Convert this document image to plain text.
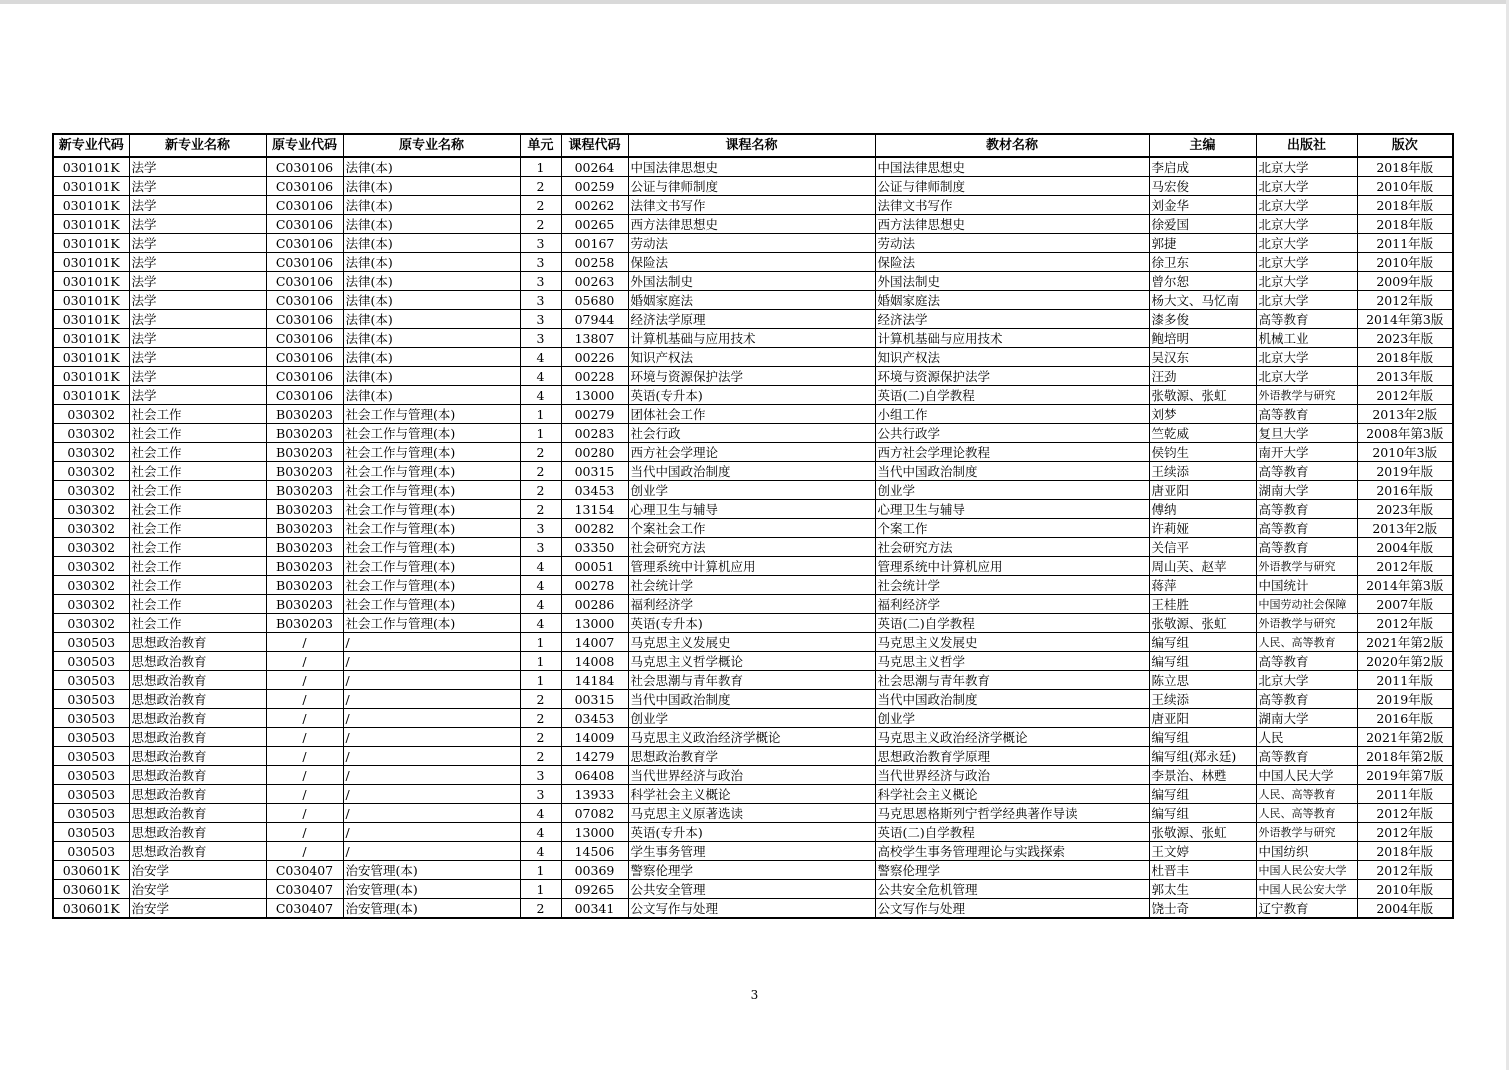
新专业代码	新专业名称	原专业代码	原专业名称	单元	课程代码	课程名称	教材名称	主编	出版社	版次
030101K	法学	C030106	法律(本)	1	00264	中国法律思想史	中国法律思想史	李启成	北京大学	2018年版
030101K	法学	C030106	法律(本)	2	00259	公证与律师制度	公证与律师制度	马宏俊	北京大学	2010年版
030101K	法学	C030106	法律(本)	2	00262	法律文书写作	法律文书写作	刘金华	北京大学	2018年版
030101K	法学	C030106	法律(本)	2	00265	西方法律思想史	西方法律思想史	徐爱国	北京大学	2018年版
030101K	法学	C030106	法律(本)	3	00167	劳动法	劳动法	郭捷	北京大学	2011年版
030101K	法学	C030106	法律(本)	3	00258	保险法	保险法	徐卫东	北京大学	2010年版
030101K	法学	C030106	法律(本)	3	00263	外国法制史	外国法制史	曾尔恕	北京大学	2009年版
030101K	法学	C030106	法律(本)	3	05680	婚姻家庭法	婚姻家庭法	杨大文、马忆南	北京大学	2012年版
030101K	法学	C030106	法律(本)	3	07944	经济法学原理	经济法学	漆多俊	高等教育	2014年第3版
030101K	法学	C030106	法律(本)	3	13807	计算机基础与应用技术	计算机基础与应用技术	鲍培明	机械工业	2023年版
030101K	法学	C030106	法律(本)	4	00226	知识产权法	知识产权法	吴汉东	北京大学	2018年版
030101K	法学	C030106	法律(本)	4	00228	环境与资源保护法学	环境与资源保护法学	汪劲	北京大学	2013年版
030101K	法学	C030106	法律(本)	4	13000	英语(专升本)	英语(二)自学教程	张敬源、张虹	外语教学与研究	2012年版
030302	社会工作	B030203	社会工作与管理(本)	1	00279	团体社会工作	小组工作	刘梦	高等教育	2013年2版
030302	社会工作	B030203	社会工作与管理(本)	1	00283	社会行政	公共行政学	竺乾威	复旦大学	2008年第3版
030302	社会工作	B030203	社会工作与管理(本)	2	00280	西方社会学理论	西方社会学理论教程	侯钧生	南开大学	2010年3版
030302	社会工作	B030203	社会工作与管理(本)	2	00315	当代中国政治制度	当代中国政治制度	王续添	高等教育	2019年版
030302	社会工作	B030203	社会工作与管理(本)	2	03453	创业学	创业学	唐亚阳	湖南大学	2016年版
030302	社会工作	B030203	社会工作与管理(本)	2	13154	心理卫生与辅导	心理卫生与辅导	傅纳	高等教育	2023年版
030302	社会工作	B030203	社会工作与管理(本)	3	00282	个案社会工作	个案工作	许莉娅	高等教育	2013年2版
030302	社会工作	B030203	社会工作与管理(本)	3	03350	社会研究方法	社会研究方法	关信平	高等教育	2004年版
030302	社会工作	B030203	社会工作与管理(本)	4	00051	管理系统中计算机应用	管理系统中计算机应用	周山芙、赵苹	外语教学与研究	2012年版
030302	社会工作	B030203	社会工作与管理(本)	4	00278	社会统计学	社会统计学	蒋萍	中国统计	2014年第3版
030302	社会工作	B030203	社会工作与管理(本)	4	00286	福利经济学	福利经济学	王桂胜	中国劳动社会保障	2007年版
030302	社会工作	B030203	社会工作与管理(本)	4	13000	英语(专升本)	英语(二)自学教程	张敬源、张虹	外语教学与研究	2012年版
030503	思想政治教育	/	/	1	14007	马克思主义发展史	马克思主义发展史	编写组	人民、高等教育	2021年第2版
030503	思想政治教育	/	/	1	14008	马克思主义哲学概论	马克思主义哲学	编写组	高等教育	2020年第2版
030503	思想政治教育	/	/	1	14184	社会思潮与青年教育	社会思潮与青年教育	陈立思	北京大学	2011年版
030503	思想政治教育	/	/	2	00315	当代中国政治制度	当代中国政治制度	王续添	高等教育	2019年版
030503	思想政治教育	/	/	2	03453	创业学	创业学	唐亚阳	湖南大学	2016年版
030503	思想政治教育	/	/	2	14009	马克思主义政治经济学概论	马克思主义政治经济学概论	编写组	人民	2021年第2版
030503	思想政治教育	/	/	2	14279	思想政治教育学	思想政治教育学原理	编写组(郑永廷)	高等教育	2018年第2版
030503	思想政治教育	/	/	3	06408	当代世界经济与政治	当代世界经济与政治	李景治、林甦	中国人民大学	2019年第7版
030503	思想政治教育	/	/	3	13933	科学社会主义概论	科学社会主义概论	编写组	人民、高等教育	2011年版
030503	思想政治教育	/	/	4	07082	马克思主义原著选读	马克思恩格斯列宁哲学经典著作导读	编写组	人民、高等教育	2012年版
030503	思想政治教育	/	/	4	13000	英语(专升本)	英语(二)自学教程	张敬源、张虹	外语教学与研究	2012年版
030503	思想政治教育	/	/	4	14506	学生事务管理	高校学生事务管理理论与实践探索	王文婷	中国纺织	2018年版
030601K	治安学	C030407	治安管理(本)	1	00369	警察伦理学	警察伦理学	杜晋丰	中国人民公安大学	2012年版
030601K	治安学	C030407	治安管理(本)	1	09265	公共安全管理	公共安全危机管理	郭太生	中国人民公安大学	2010年版
030601K	治安学	C030407	治安管理(本)	2	00341	公文写作与处理	公文写作与处理	饶士奇	辽宁教育	2004年版
3
